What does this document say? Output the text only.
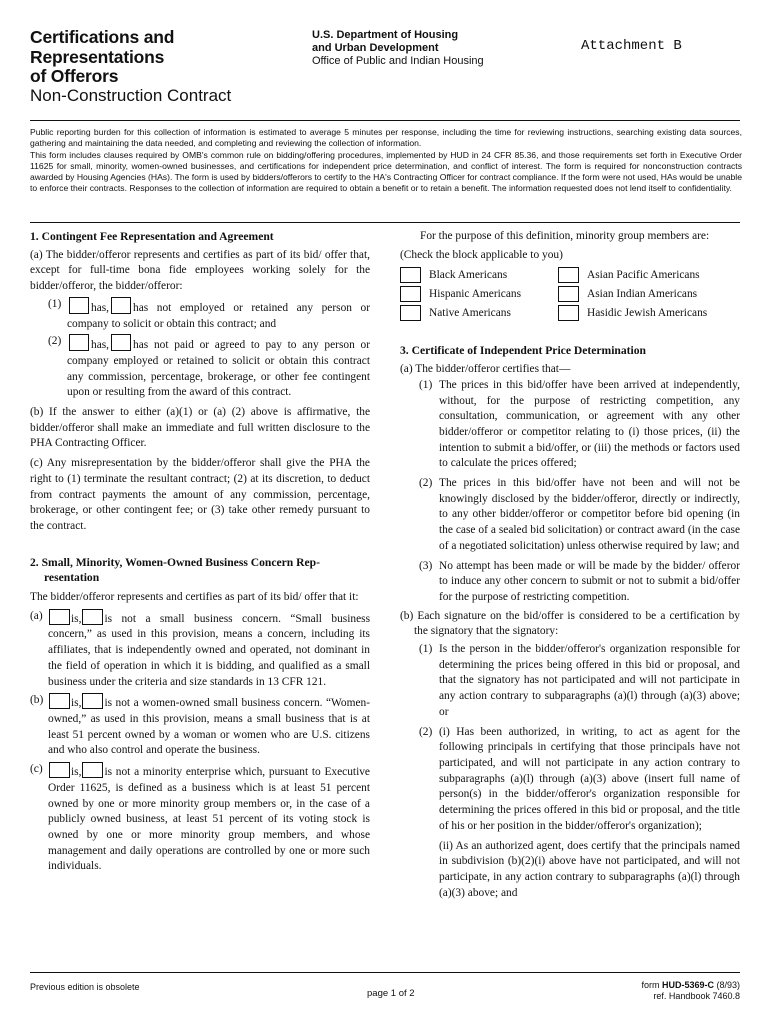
Certifications and
Representations
of Offerors
Non-Construction Contract
U.S. Department of Housing
and Urban Development
Office of Public and Indian Housing
Attachment B

Public reporting burden for this collection of information is estimated to average 5 minutes per response, including the time for reviewing instructions, searching existing data sources, gathering and maintaining the data needed, and completing and reviewing the collection of information.

This form includes clauses required by OMB's common rule on bidding/offering procedures, implemented by HUD in 24 CFR 85.36, and those requirements set forth in Executive Order 11625 for small, minority, women-owned businesses, and certifications for independent price determination, and conflict of interest. The form is required for nonconstruction contracts awarded by Housing Agencies (HAs). The form is used by bidders/offerors to certify to the HA's Contracting Officer for contract compliance. If the form were not used, HAs would be unable to enforce their contracts. Responses to the collection of information are required to obtain a benefit or to retain a benefit. The information requested does not lend itself to confidentiality.

1. Contingent Fee Representation and Agreement

(a) The bidder/offeror represents and certifies as part of its bid/ offer that, except for full-time bona fide employees working solely for the bidder/offeror, the bidder/offeror:

(1)	has, has not employed or retained any person or company to solicit or obtain this contract; and
(2)	has, has not paid or agreed to pay to any person or company employed or retained to solicit or obtain this contract any commission, percentage, brokerage, or other fee contingent upon or resulting from the award of this contract.

(b) If the answer to either (a)(1) or (a) (2) above is affirmative, the bidder/offeror shall make an immediate and full written disclosure to the PHA Contracting Officer.

(c) Any misrepresentation by the bidder/offeror shall give the PHA the right to (1) terminate the resultant contract; (2) at its discretion, to deduct from contract payments the amount of any commission, percentage, brokerage, or other contingent fee; or (3) take other remedy pursuant to the contract.

2. Small, Minority, Women-Owned Business Concern Rep-
resentation

The bidder/offeror represents and certifies as part of its bid/ offer that it:

(a)	is, is not a small business concern. “Small business concern,” as used in this provision, means a concern, including its affiliates, that is independently owned and operated, not dominant in the field of operation in which it is bidding, and qualified as a small business under the criteria and size standards in 13 CFR 121.
(b)	is, is not a women-owned small business concern. “Women-owned,” as used in this provision, means a small business that is at least 51 percent owned by a woman or women who are U.S. citizens and who also control and operate the business.
(c)	is, is not a minority enterprise which, pursuant to Executive Order 11625, is defined as a business which is at least 51 percent owned by one or more minority group members or, in the case of a publicly owned business, at least 51 percent of its voting stock is owned by one or more minority group members, and whose management and daily operations are controlled by one or more such individuals.

For the purpose of this definition, minority group members are:

(Check the block applicable to you)

Black Americans	Asian Pacific Americans
Hispanic Americans	Asian Indian Americans
Native Americans	Hasidic Jewish Americans
3. Certificate of Independent Price Determination

(a) The bidder/offeror certifies that—

(1) The prices in this bid/offer have been arrived at independently, without, for the purpose of restricting competition, any consultation, communication, or agreement with any other bidder/offeror or competitor relating to (i) those prices, (ii) the intention to submit a bid/offer, or (iii) the methods or factors used to calculate the prices offered;
(2) The prices in this bid/offer have not been and will not be knowingly disclosed by the bidder/offeror, directly or indirectly, to any other bidder/offeror or competitor before bid opening (in the case of a sealed bid solicitation) or contract award (in the case of a negotiated solicitation) unless otherwise required by law; and
(3) No attempt has been made or will be made by the bidder/ offeror to induce any other concern to submit or not to submit a bid/offer for the purpose of restricting competition.

(b) Each signature on the bid/offer is considered to be a certification by the signatory that the signatory:

(1) Is the person in the bidder/offeror's organization responsible for determining the prices being offered in this bid or proposal, and that the signatory has not participated and will not participate in any action contrary to subparagraphs (a)(l) through (a)(3) above; or
(2) (i) Has been authorized, in writing, to act as agent for the following principals in certifying that those principals have not participated, and will not participate in any action contrary to subparagraphs (a)(l) through (a)(3) above (insert full name of person(s) in the bidder/offeror's organization responsible for determining the prices offered in this bid or proposal, and the title of his or her position in the bidder/offeror's organization);

(ii) As an authorized agent, does certify that the principals named in subdivision (b)(2)(i) above have not participated, and will not participate, in any action contrary to subparagraphs (a)(l) through (a)(3) above; and

Previous edition is obsolete
page 1 of 2
form HUD-5369-C (8/93)
ref. Handbook 7460.8
